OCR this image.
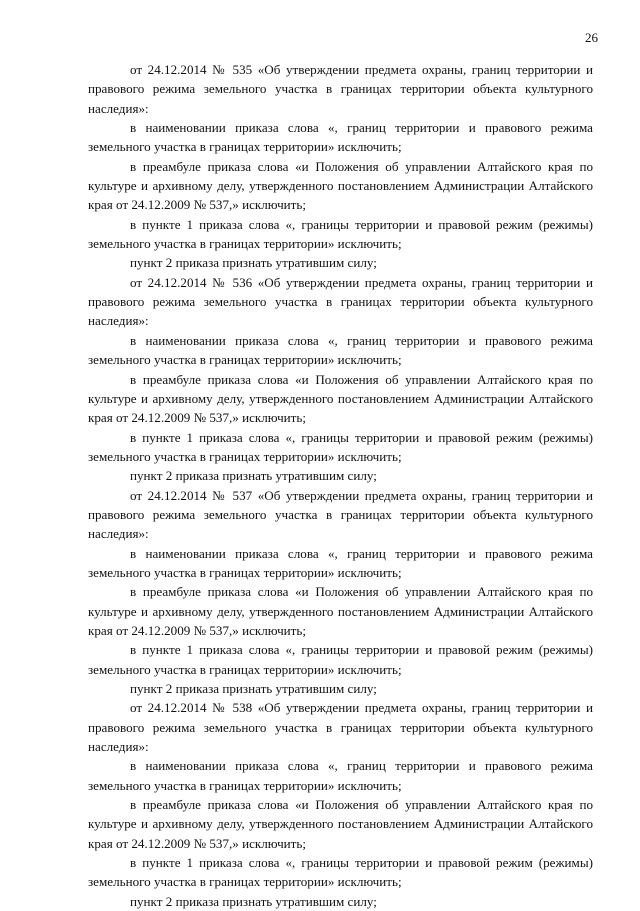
26

от 24.12.2014 № 535 «Об утверждении предмета охраны, границ территории и правового режима земельного участка в границах территории объекта культурного наследия»:

в наименовании приказа слова «, границ территории и правового режима земельного участка в границах территории» исключить;

в преамбуле приказа слова «и Положения об управлении Алтайского края по культуре и архивному делу, утвержденного постановлением Администрации Алтайского края от 24.12.2009 № 537,» исключить;

в пункте 1 приказа слова «, границы территории и правовой режим (режимы) земельного участка в границах территории» исключить;

пункт 2 приказа признать утратившим силу;

от 24.12.2014 № 536 «Об утверждении предмета охраны, границ территории и правового режима земельного участка в границах территории объекта культурного наследия»:

в наименовании приказа слова «, границ территории и правового режима земельного участка в границах территории» исключить;

в преамбуле приказа слова «и Положения об управлении Алтайского края по культуре и архивному делу, утвержденного постановлением Администрации Алтайского края от 24.12.2009 № 537,» исключить;

в пункте 1 приказа слова «, границы территории и правовой режим (режимы) земельного участка в границах территории» исключить;

пункт 2 приказа признать утратившим силу;

от 24.12.2014 № 537 «Об утверждении предмета охраны, границ территории и правового режима земельного участка в границах территории объекта культурного наследия»:

в наименовании приказа слова «, границ территории и правового режима земельного участка в границах территории» исключить;

в преамбуле приказа слова «и Положения об управлении Алтайского края по культуре и архивному делу, утвержденного постановлением Администрации Алтайского края от 24.12.2009 № 537,» исключить;

в пункте 1 приказа слова «, границы территории и правовой режим (режимы) земельного участка в границах территории» исключить;

пункт 2 приказа признать утратившим силу;

от 24.12.2014 № 538 «Об утверждении предмета охраны, границ территории и правового режима земельного участка в границах территории объекта культурного наследия»:

в наименовании приказа слова «, границ территории и правового режима земельного участка в границах территории» исключить;

в преамбуле приказа слова «и Положения об управлении Алтайского края по культуре и архивному делу, утвержденного постановлением Администрации Алтайского края от 24.12.2009 № 537,» исключить;

в пункте 1 приказа слова «, границы территории и правовой режим (режимы) земельного участка в границах территории» исключить;

пункт 2 приказа признать утратившим силу;
